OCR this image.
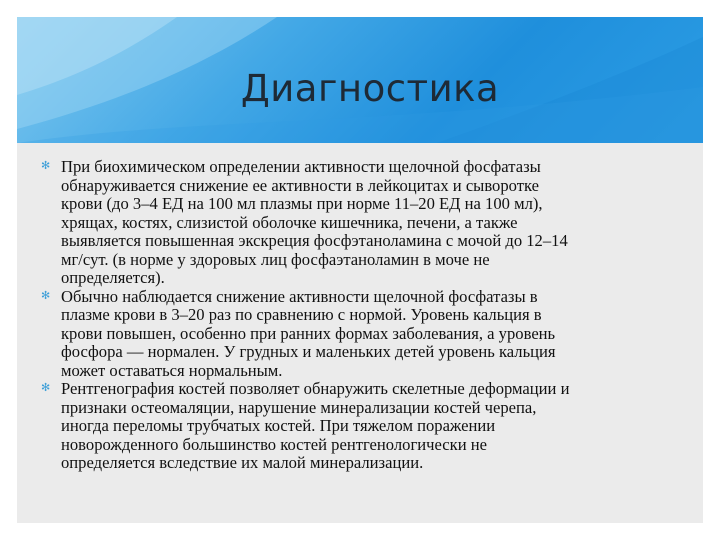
Диагностика
✻ При биохимическом определении активности щелочной фосфатазы
обнаруживается снижение ее активности в лейкоцитах и сыворотке
крови (до 3–4 ЕД на 100 мл плазмы при норме 11–20 ЕД на 100 мл),
хрящах, костях, слизистой оболочке кишечника, печени, а также
выявляется повышенная экскреция фосфэтаноламина с мочой до 12–14
мг/сут. (в норме у здоровых лиц фосфаэтаноламин в моче не
определяется).
✻ Обычно наблюдается снижение активности щелочной фосфатазы в
плазме крови в 3–20 раз по сравнению с нормой. Уровень кальция в
крови повышен, особенно при ранних формах заболевания, а уровень
фосфора — нормален. У грудных и маленьких детей уровень кальция
может оставаться нормальным.
✻ Рентгенография костей позволяет обнаружить скелетные деформации и
признаки остеомаляции, нарушение минерализации костей черепа,
иногда переломы трубчатых костей. При тяжелом поражении
новорожденного большинство костей рентгенологически не
определяется вследствие их малой минерализации.
